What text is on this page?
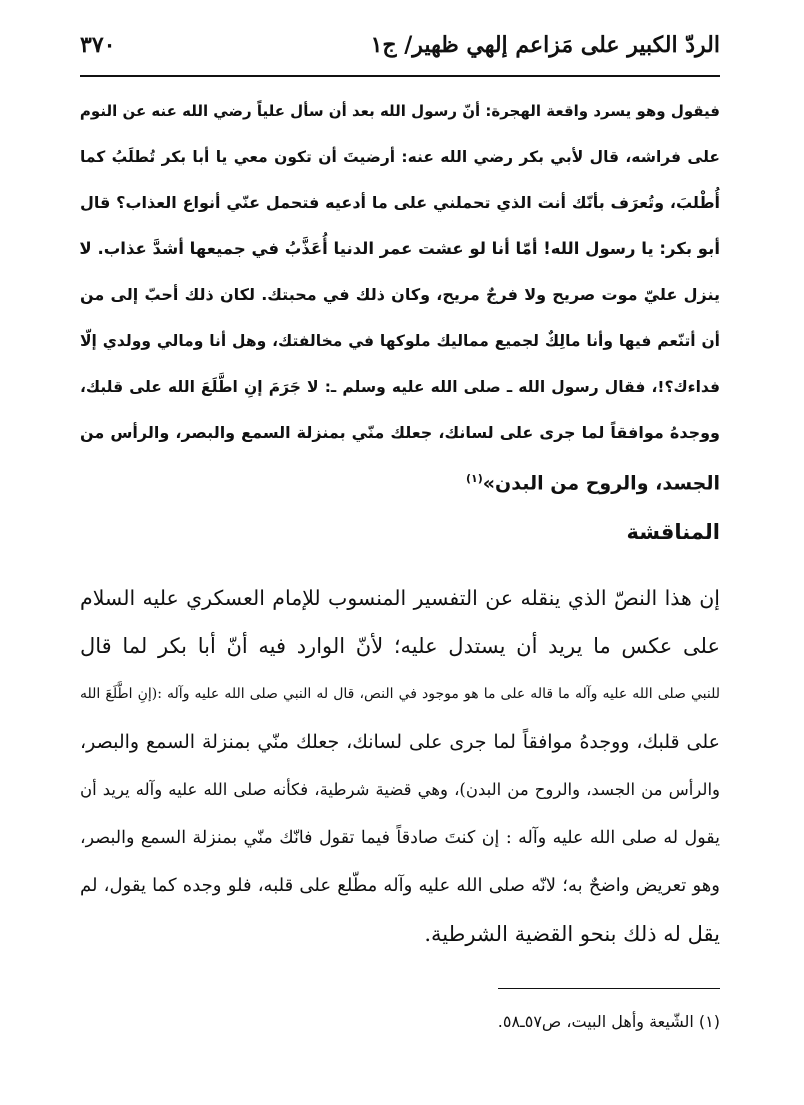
الردّ الكبير على مَزاعم إلهي ظهير/ ج١
٣٧٠
فيقول وهو يسرد واقعة الهجرة: أنّ رسول الله بعد أن سأل علياً رضي الله عنه عن النوم
على فراشه، قال لأبي بكر رضي الله عنه: أرضيتَ أن تكون معي يا أبا بكر تُطلَبُ كما
أُطْلبَ، وتُعرَف بأنّك أنت الذي تحملني على ما أدعيه فتحمل عنّي أنواع العذاب؟ قال
أبو بكر: يا رسول الله! أمّا أنا لو عشت عمر الدنيا أُعَذَّبُ في جميعها أشدَّ عذاب. لا
ينزل عليّ موت صريح ولا فرجٌ مريح، وكان ذلك في محبتك. لكان ذلك أحبّ إلى من
أن أتنّعم فيها وأنا مالِكٌ لجميع مماليك ملوكها في مخالفتك، وهل أنا ومالي وولدي إلّا
فداءك؟!، فقال رسول الله ـ صلى الله عليه وسلم ـ: لا جَرَمَ إنِ اطَّلَعَ الله على قلبك،
ووجدهُ موافقاً لما جرى على لسانك، جعلك منّي بمنزلة السمع والبصر، والرأس من
الجسد، والروح من البدن»$^{(١)}$
المناقشة
إن هذا النصّ الذي ينقله عن التفسير المنسوب للإمام العسكري عليه السلام
على عكس ما يريد أن يستدل عليه؛ لأنّ الوارد فيه أنّ أبا بكر لما قال
للنبي صلى الله عليه وآله ما قاله على ما هو موجود في النص، قال له النبي صلى الله عليه وآله :(إنِ اطَّلَعَ الله
على قلبك، ووجدهُ موافقاً لما جرى على لسانك، جعلك منّي بمنزلة السمع والبصر،
والرأس من الجسد، والروح من البدن)، وهي قضية شرطية، فكأنه صلى الله عليه وآله يريد أن
يقول له صلى الله عليه وآله : إن كنتَ صادقاً فيما تقول فانّك منّي بمنزلة السمع والبصر،
وهو تعريض واضحٌ به؛ لانّه صلى الله عليه وآله مطّلع على قلبه، فلو وجده كما يقول، لم
يقل له ذلك بنحو القضية الشرطية.
(١) الشّيعة وأهل البيت، ص٥٧ـ٥٨.
